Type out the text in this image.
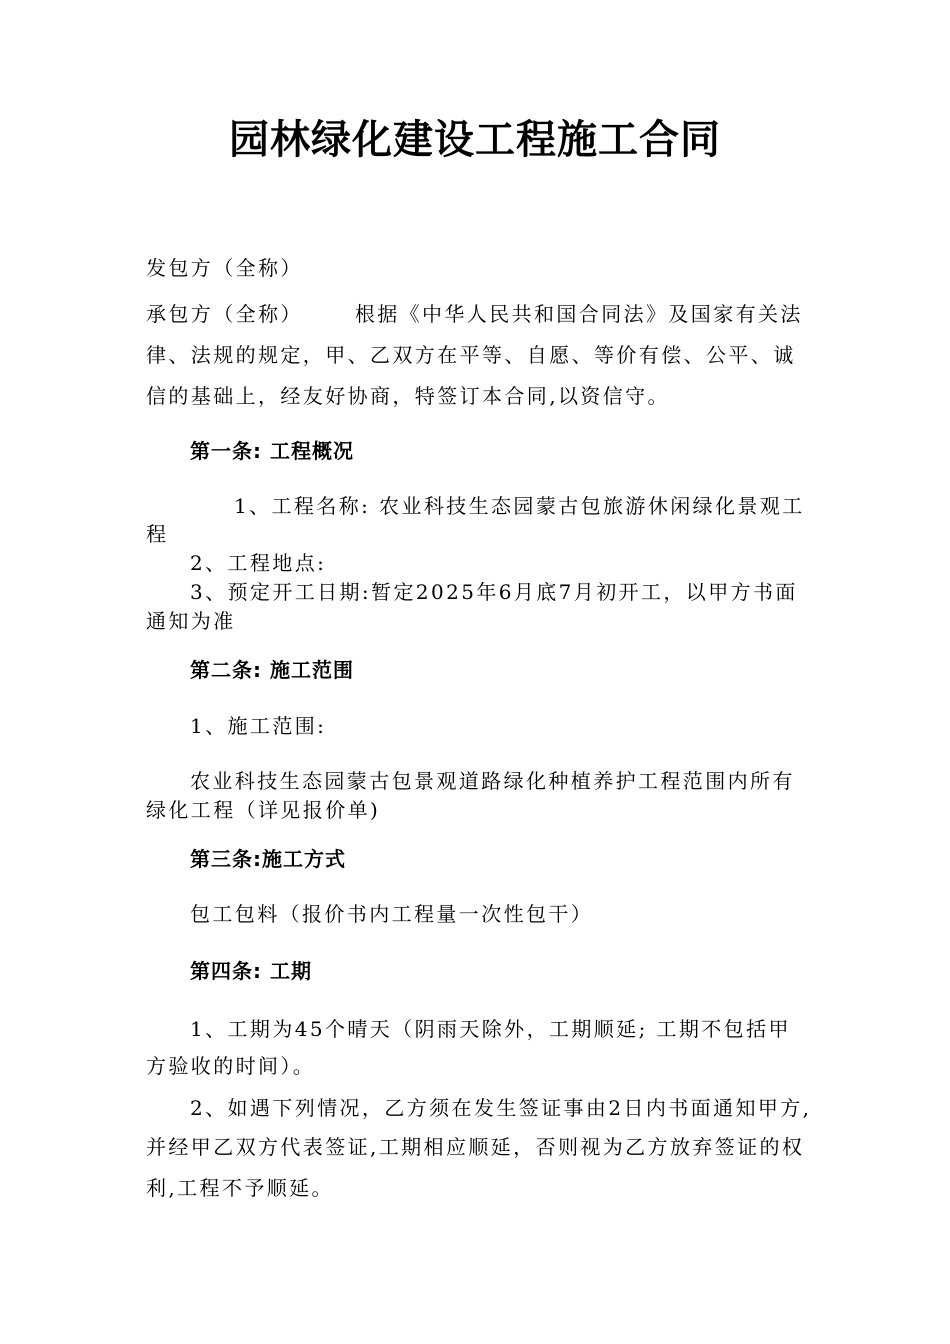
园林绿化建设工程施工合同

发包方（全称）

承包方（全称）	根据《中华人民共和国合同法》及国家有关法

律、法规的规定，甲、乙双方在平等、自愿、等价有偿、公平、诚

信的基础上，经友好协商，特签订本合同,以资信守。

第一条: 工程概况

1、工程名称: 农业科技生态园蒙古包旅游休闲绿化景观工

程

2、工程地点:

3、预定开工日期:暂定2025年6月底7月初开工，以甲方书面

通知为准

第二条: 施工范围

1、施工范围:

农业科技生态园蒙古包景观道路绿化种植养护工程范围内所有

绿化工程（详见报价单)

第三条:施工方式

包工包料（报价书内工程量一次性包干）

第四条: 工期

1、工期为45个晴天（阴雨天除外，工期顺延; 工期不包括甲

方验收的时间）。

2、如遇下列情况，乙方须在发生签证事由2日内书面通知甲方,

并经甲乙双方代表签证,工期相应顺延，否则视为乙方放弃签证的权

利,工程不予顺延。
